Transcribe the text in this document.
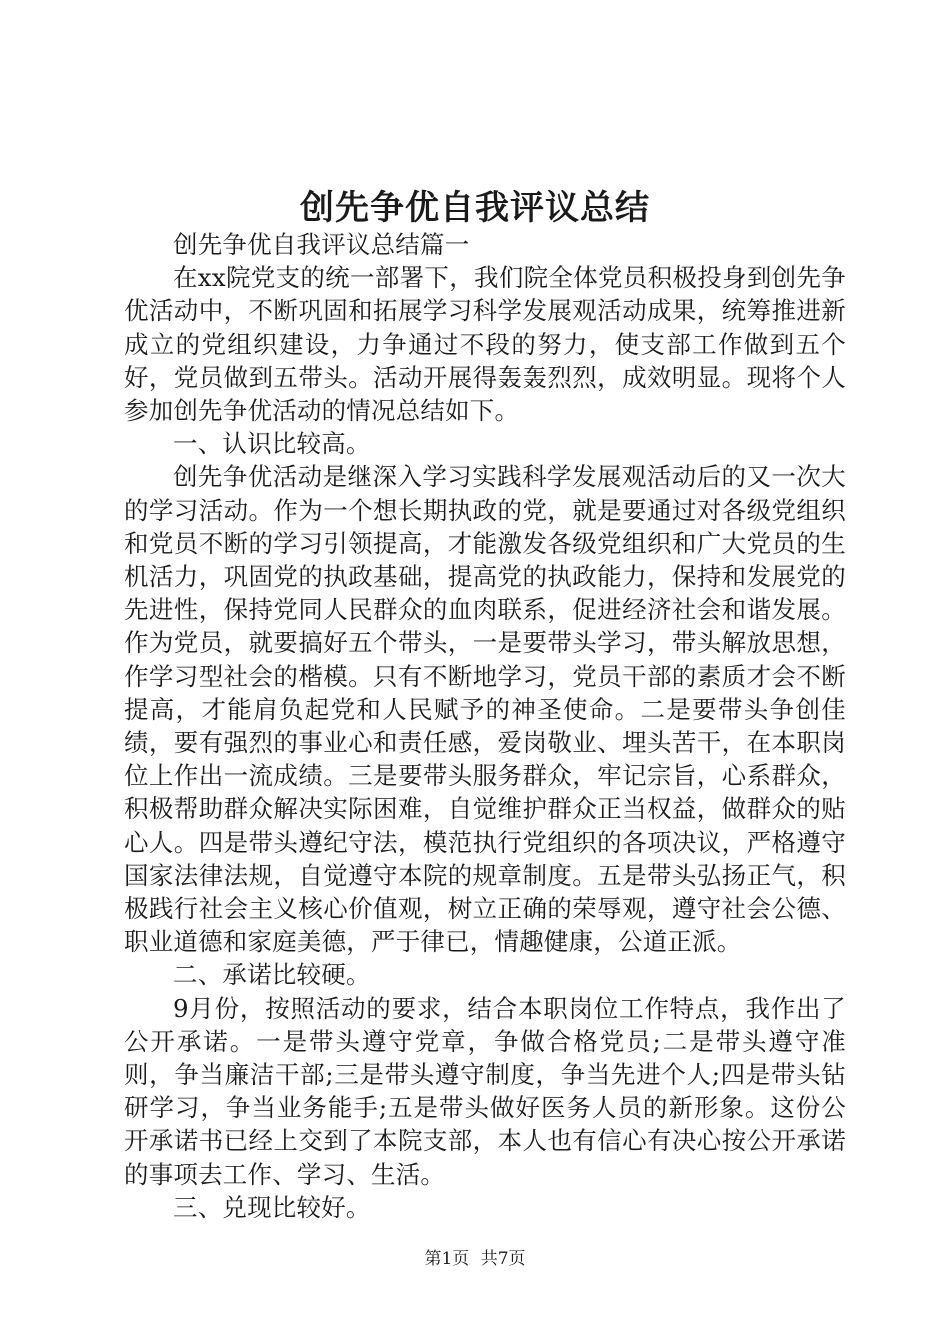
创先争优自我评议总结

创先争优自我评议总结篇一

在xx院党支的统一部署下，我们院全体党员积极投身到创先争优活动中，不断巩固和拓展学习科学发展观活动成果，统筹推进新成立的党组织建设，力争通过不段的努力，使支部工作做到五个好，党员做到五带头。活动开展得轰轰烈烈，成效明显。现将个人参加创先争优活动的情况总结如下。

一、认识比较高。

创先争优活动是继深入学习实践科学发展观活动后的又一次大的学习活动。作为一个想长期执政的党，就是要通过对各级党组织和党员不断的学习引领提高，才能激发各级党组织和广大党员的生机活力，巩固党的执政基础，提高党的执政能力，保持和发展党的先进性，保持党同人民群众的血肉联系，促进经济社会和谐发展。作为党员，就要搞好五个带头，一是要带头学习，带头解放思想，作学习型社会的楷模。只有不断地学习，党员干部的素质才会不断提高，才能肩负起党和人民赋予的神圣使命。二是要带头争创佳绩，要有强烈的事业心和责任感，爱岗敬业、埋头苦干，在本职岗位上作出一流成绩。三是要带头服务群众，牢记宗旨，心系群众，积极帮助群众解决实际困难，自觉维护群众正当权益，做群众的贴心人。四是带头遵纪守法，模范执行党组织的各项决议，严格遵守国家法律法规，自觉遵守本院的规章制度。五是带头弘扬正气，积极践行社会主义核心价值观，树立正确的荣辱观，遵守社会公德、职业道德和家庭美德，严于律已，情趣健康，公道正派。

二、承诺比较硬。

9月份，按照活动的要求，结合本职岗位工作特点，我作出了公开承诺。一是带头遵守党章，争做合格党员;二是带头遵守准则，争当廉洁干部;三是带头遵守制度，争当先进个人;四是带头钻研学习，争当业务能手;五是带头做好医务人员的新形象。这份公开承诺书已经上交到了本院支部，本人也有信心有决心按公开承诺的事项去工作、学习、生活。

三、兑现比较好。

第1页 共7页
